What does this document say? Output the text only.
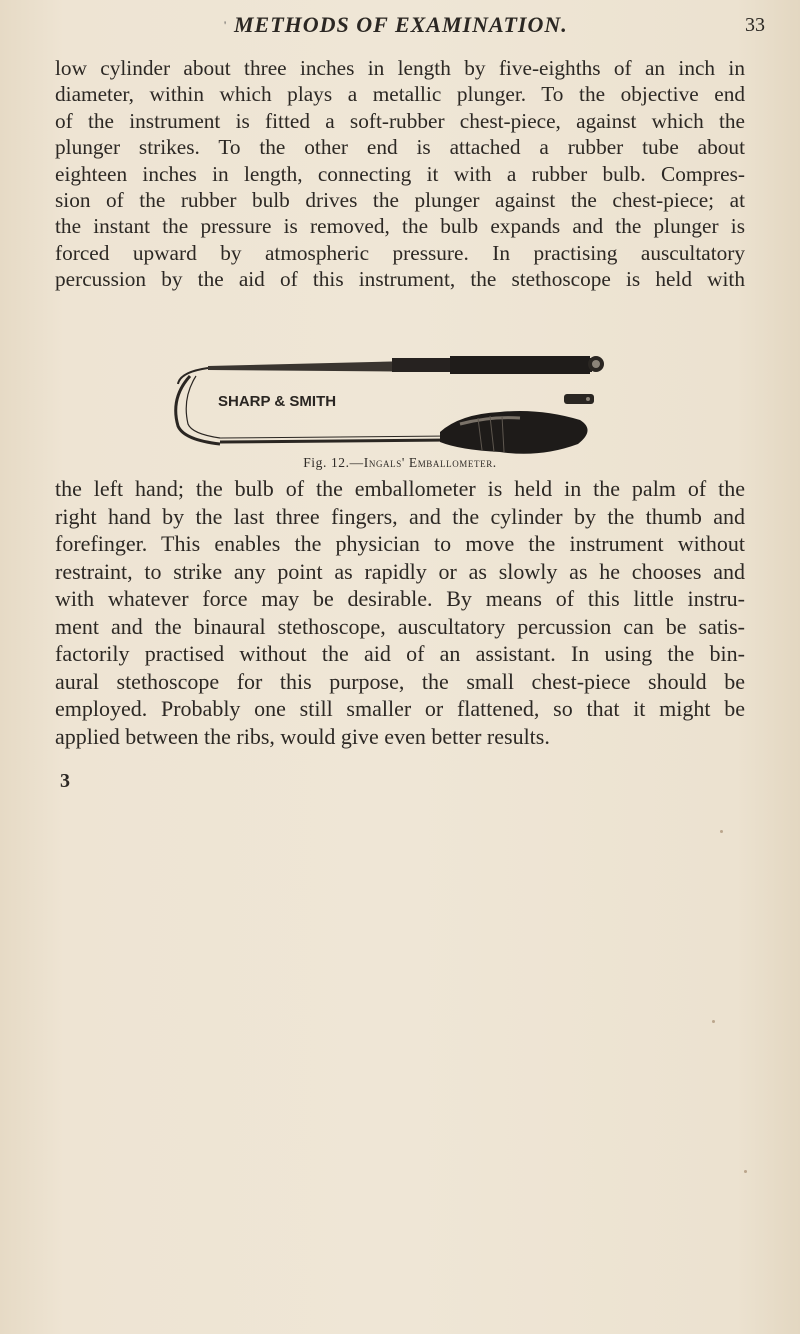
' METHODS OF EXAMINATION.	33
low cylinder about three inches in length by five-eighths of an inch in
diameter, within which plays a metallic plunger. To the objective end
of the instrument is fitted a soft-rubber chest-piece, against which the
plunger strikes. To the other end is attached a rubber tube about
eighteen inches in length, connecting it with a rubber bulb. Compres-
sion of the rubber bulb drives the plunger against the chest-piece; at
the instant the pressure is removed, the bulb expands and the plunger is
forced upward by atmospheric pressure. In practising auscultatory
percussion by the aid of this instrument, the stethoscope is held with
SHARP & SMITH
Fig. 12.—Ingals' Emballometer.
the left hand; the bulb of the emballometer is held in the palm of the
right hand by the last three fingers, and the cylinder by the thumb and
forefinger. This enables the physician to move the instrument without
restraint, to strike any point as rapidly or as slowly as he chooses and
with whatever force may be desirable. By means of this little instru-
ment and the binaural stethoscope, auscultatory percussion can be satis-
factorily practised without the aid of an assistant. In using the bin-
aural stethoscope for this purpose, the small chest-piece should be
employed. Probably one still smaller or flattened, so that it might be
applied between the ribs, would give even better results.
3
